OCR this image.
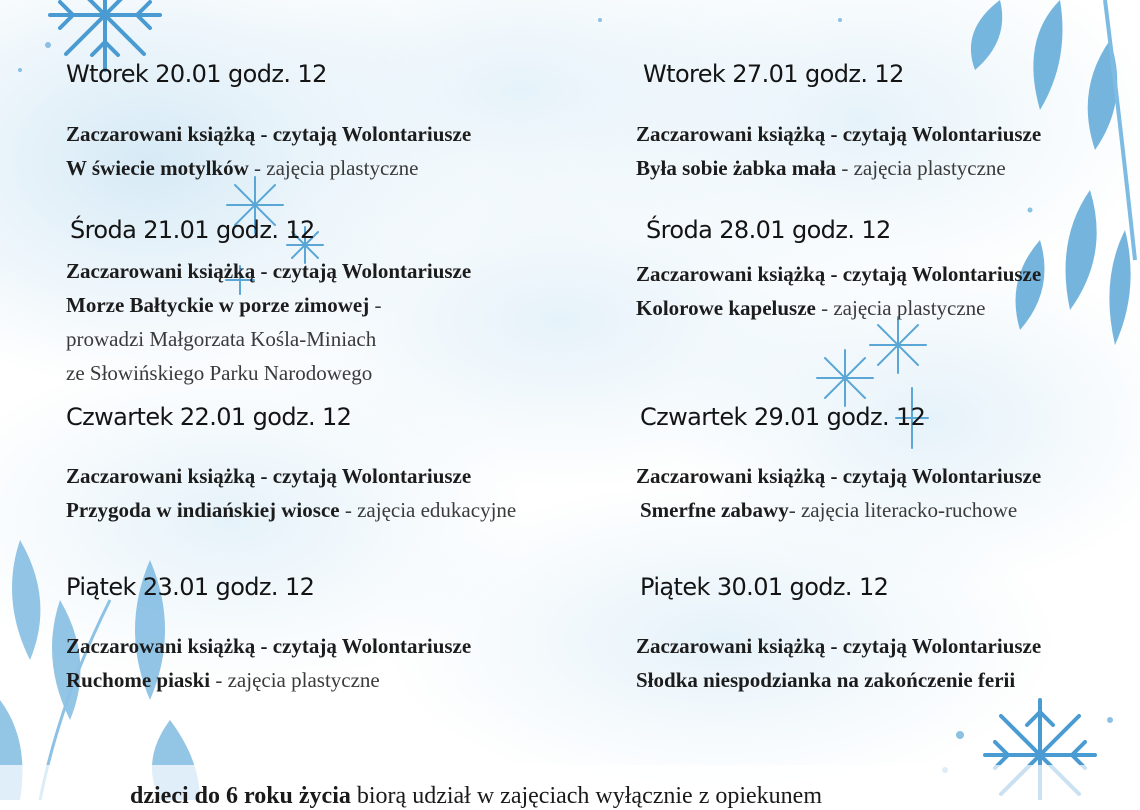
Wtorek 20.01 godz. 12
Zaczarowani książką - czytają Wolontariusze
W świecie motylków - zajęcia plastyczne
Środa 21.01 godz. 12
Zaczarowani książką - czytają Wolontariusze
Morze Bałtyckie w porze zimowej -
prowadzi Małgorzata Kośla-Miniach
ze Słowińskiego Parku Narodowego
Czwartek 22.01 godz. 12
Zaczarowani książką - czytają Wolontariusze
Przygoda w indiańskiej wiosce - zajęcia edukacyjne
Piątek 23.01 godz. 12
Zaczarowani książką - czytają Wolontariusze
Ruchome piaski - zajęcia plastyczne
Wtorek 27.01 godz. 12
Zaczarowani książką - czytają Wolontariusze
Była sobie żabka mała - zajęcia plastyczne
Środa 28.01 godz. 12
Zaczarowani książką - czytają Wolontariusze
Kolorowe kapelusze - zajęcia plastyczne
Czwartek 29.01 godz. 12
Zaczarowani książką - czytają Wolontariusze
Smerfne zabawy- zajęcia literacko-ruchowe
Piątek 30.01 godz. 12
Zaczarowani książką - czytają Wolontariusze
Słodka niespodzianka na zakończenie ferii
dzieci do 6 roku życia biorą udział w zajęciach wyłącznie z opiekunem
